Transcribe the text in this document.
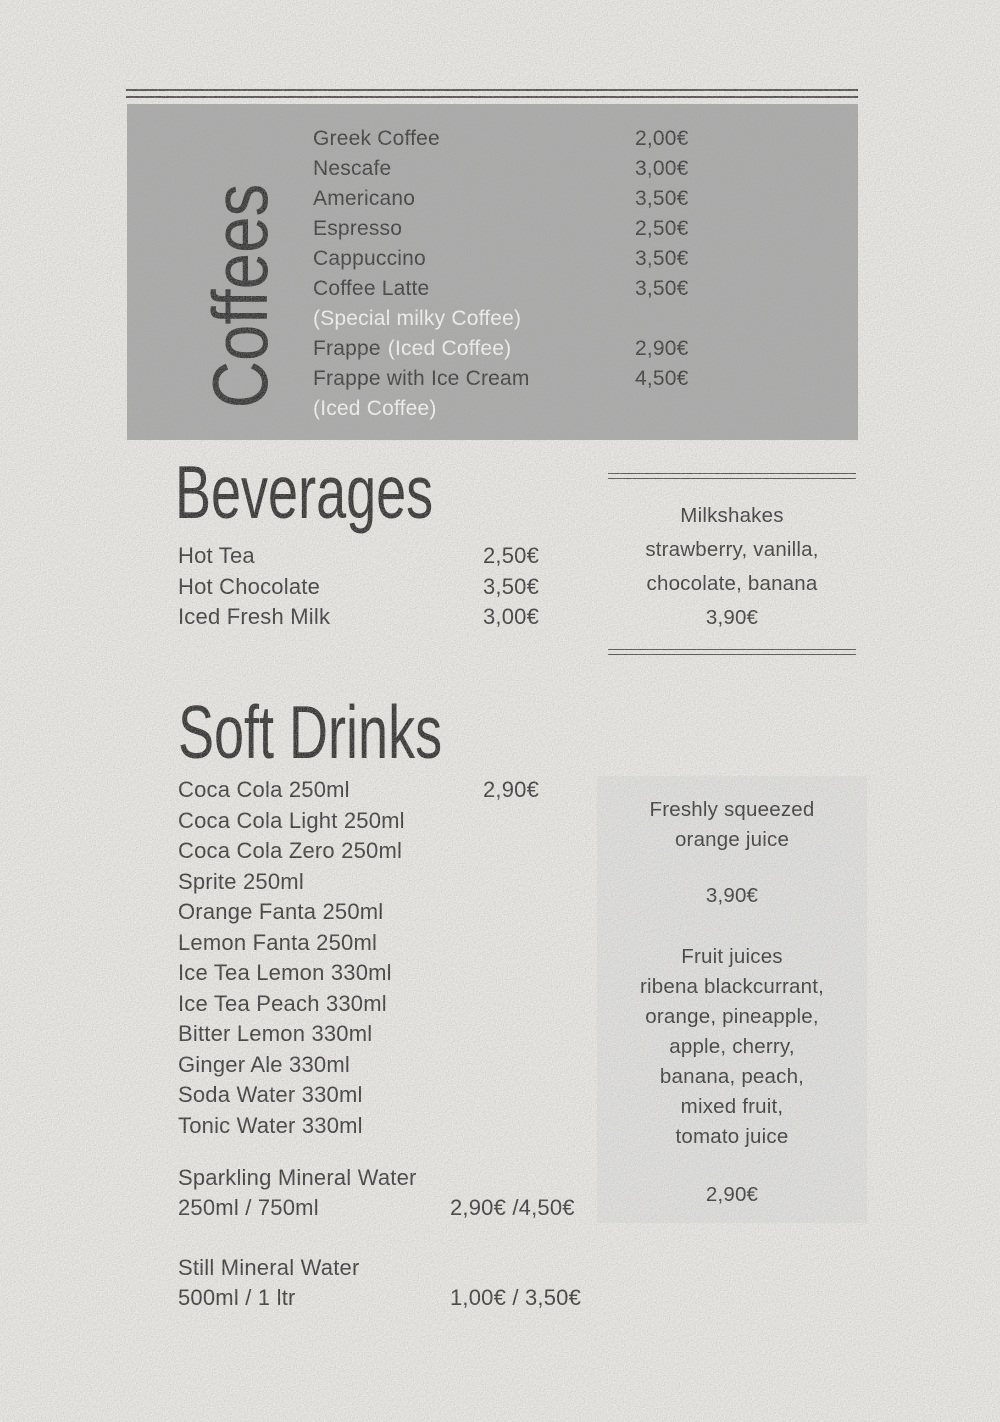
Coffees
Greek Coffee	2,00€
Nescafe	3,00€
Americano	3,50€
Espresso	2,50€
Cappuccino	3,50€
Coffee Latte	3,50€
(Special milky Coffee)
Frappe (Iced Coffee)	2,90€
Frappe with Ice Cream	4,50€
(Iced Coffee)
Beverages
Hot Tea	2,50€
Hot Chocolate	3,50€
Iced Fresh Milk	3,00€
Milkshakes
strawberry, vanilla,
chocolate, banana
3,90€
Soft Drinks
Coca Cola 250ml	2,90€
Coca Cola Light 250ml
Coca Cola Zero 250ml
Sprite 250ml
Orange Fanta 250ml
Lemon Fanta 250ml
Ice Tea Lemon 330ml
Ice Tea Peach 330ml
Bitter Lemon 330ml
Ginger Ale 330ml
Soda Water 330ml
Tonic Water 330ml
Sparkling Mineral Water
250ml / 750ml	2,90€ /4,50€
Still Mineral Water
500ml / 1 ltr	1,00€ / 3,50€
Freshly squeezed
orange juice
3,90€
Fruit juices
ribena blackcurrant,
orange, pineapple,
apple, cherry,
banana, peach,
mixed fruit,
tomato juice
2,90€
